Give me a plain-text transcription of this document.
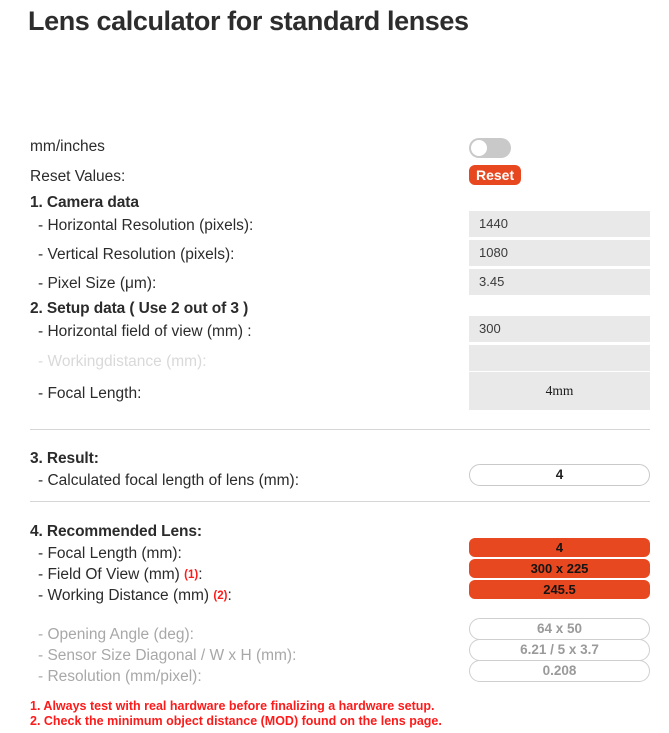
Lens calculator for standard lenses
mm/inches
Reset Values:	Reset
1. Camera data
- Horizontal Resolution (pixels):	1440
- Vertical Resolution (pixels):	1080
- Pixel Size (μm):	3.45
2. Setup data ( Use 2 out of 3 )
- Horizontal field of view (mm) :	300
- Workingdistance (mm):
- Focal Length:	4mm
3. Result:
- Calculated focal length of lens (mm):	4
4. Recommended Lens:
- Focal Length (mm):	4
- Field Of View (mm) (1):	300 x 225
- Working Distance (mm) (2):	245.5
- Opening Angle (deg):	64 x 50
- Sensor Size Diagonal / W x H (mm):	6.21 / 5 x 3.7
- Resolution (mm/pixel):	0.208
1. Always test with real hardware before finalizing a hardware setup.
2. Check the minimum object distance (MOD) found on the lens page.
